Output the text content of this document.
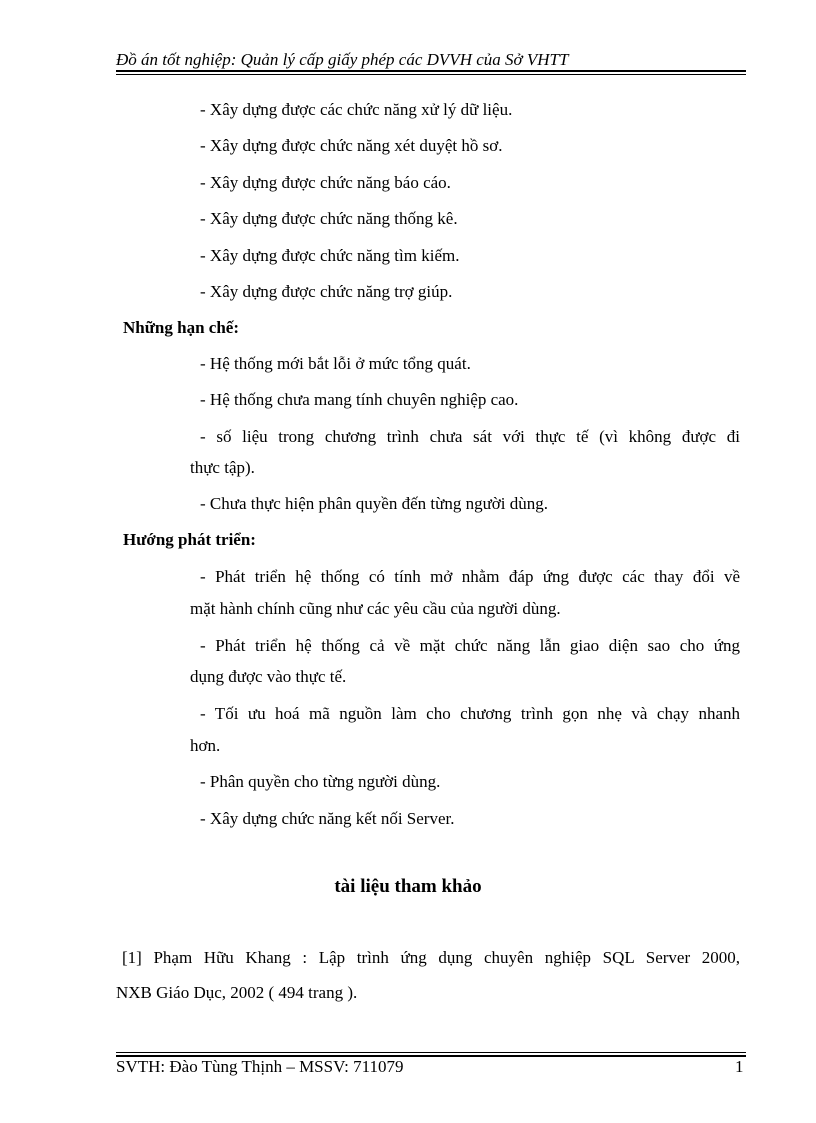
Đồ án tốt nghiệp: Quản lý cấp giấy phép các DVVH của Sở VHTT
- Xây dựng được các chức năng xử lý dữ liệu.
- Xây dựng được chức năng xét duyệt hồ sơ.
- Xây dựng được chức năng báo cáo.
- Xây dựng được chức năng thống kê.
- Xây dựng được chức năng tìm kiếm.
- Xây dựng được chức năng trợ giúp.
Những hạn chế:
- Hệ thống mới bắt lỗi ở mức tổng quát.
- Hệ thống chưa mang tính chuyên nghiệp cao.
- số liệu trong chương trình chưa sát với thực tế (vì không được đi
thực tập).
- Chưa thực hiện phân quyền đến từng người dùng.
Hướng phát triển:
- Phát triển hệ thống có tính mở nhằm đáp ứng được các thay đổi về
mặt hành chính cũng như các yêu cầu của người dùng.
- Phát triển hệ thống cả về mặt chức năng lẫn giao diện sao cho ứng
dụng được vào thực tế.
- Tối ưu hoá mã nguồn làm cho chương trình gọn nhẹ và chạy nhanh
hơn.
- Phân quyền cho từng người dùng.
- Xây dựng chức năng kết nối Server.
tài liệu tham khảo
[1] Phạm Hữu Khang : Lập trình ứng dụng chuyên nghiệp SQL Server 2000,
NXB Giáo Dục, 2002 ( 494 trang ).
SVTH: Đào Tùng Thịnh – MSSV: 711079	1
